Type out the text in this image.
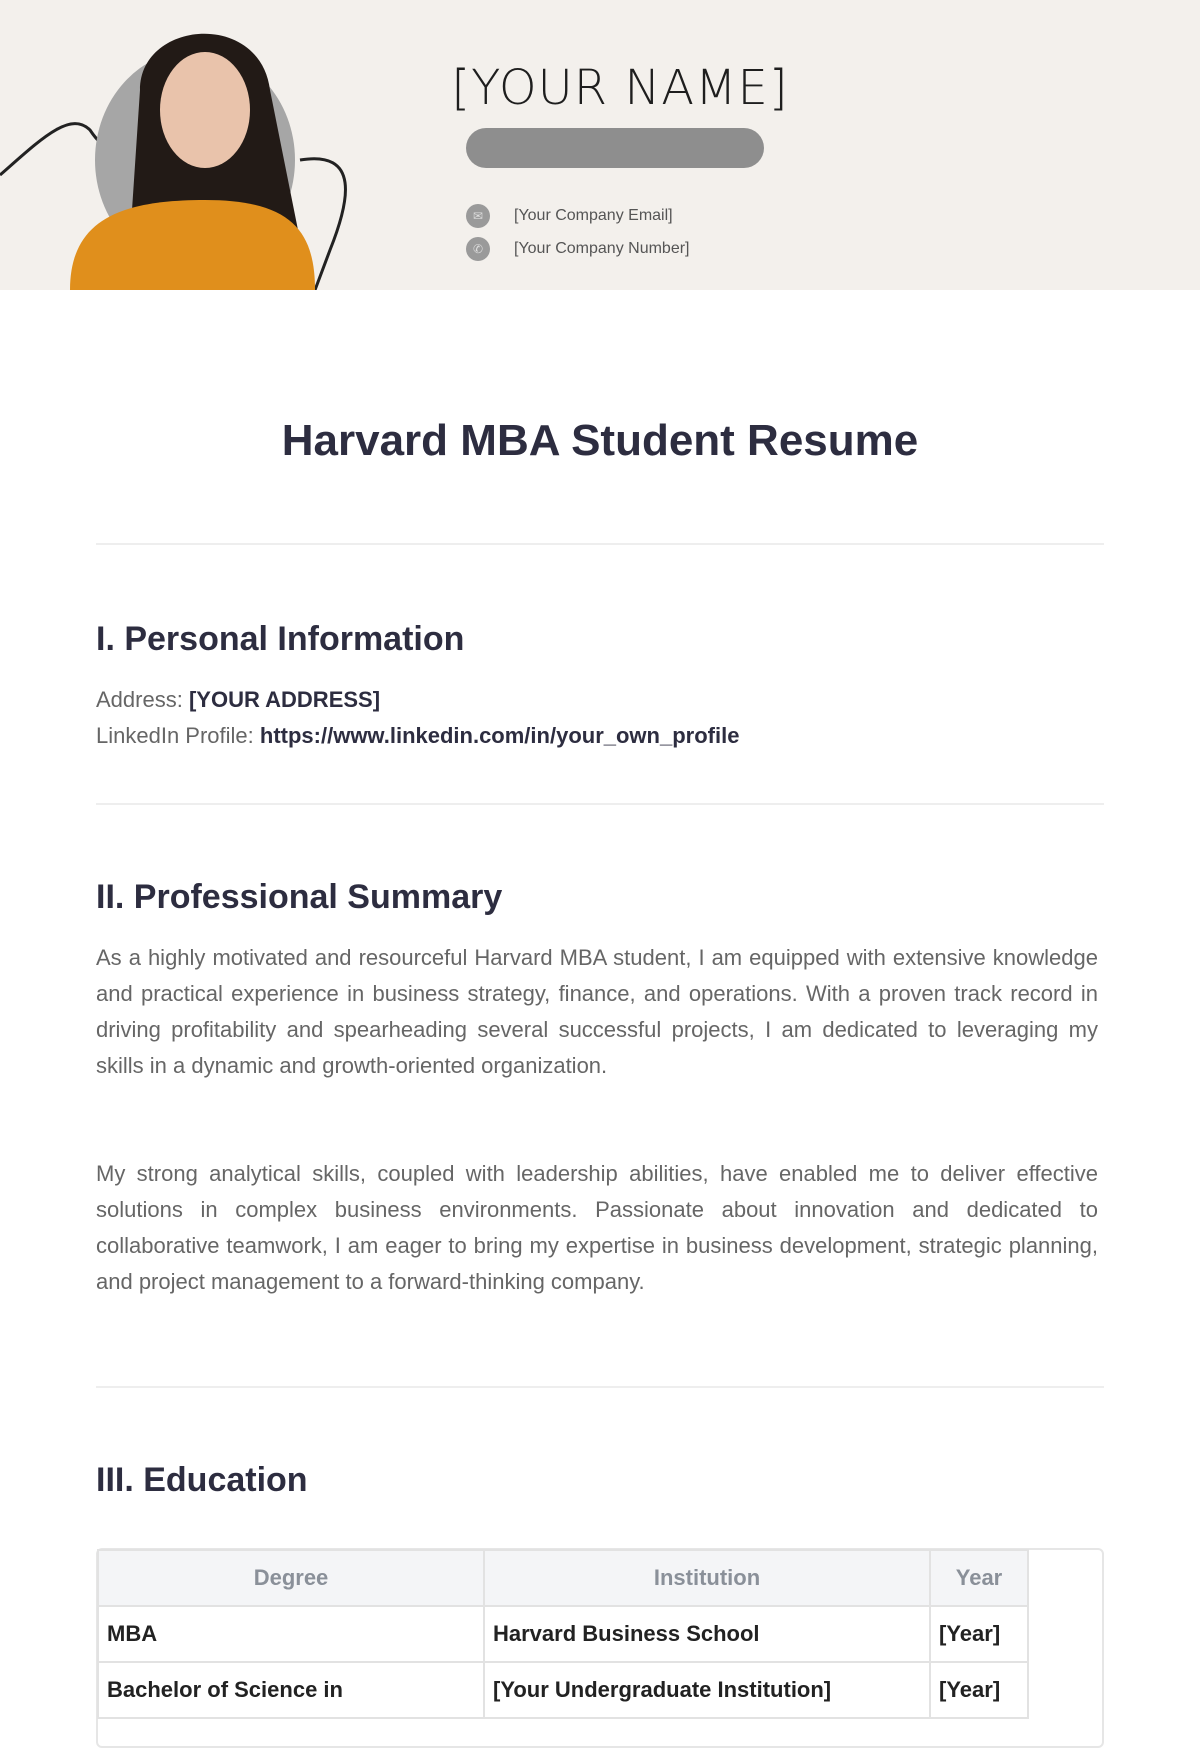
[YOUR NAME]
✉	[Your Company Email]
✆	[Your Company Number]
Harvard MBA Student Resume
I. Personal Information
Address: [YOUR ADDRESS]
LinkedIn Profile: https://www.linkedin.com/in/your_own_profile
II. Professional Summary

As a highly motivated and resourceful Harvard MBA student, I am equipped with extensive knowledge and practical experience in business strategy, finance, and operations. With a proven track record in driving profitability and spearheading several successful projects, I am dedicated to leveraging my skills in a dynamic and growth-oriented organization.

My strong analytical skills, coupled with leadership abilities, have enabled me to deliver effective solutions in complex business environments. Passionate about innovation and dedicated to collaborative teamwork, I am eager to bring my expertise in business development, strategic planning, and project management to a forward-thinking company.

III. Education
Degree	Institution	Year
MBA	Harvard Business School	[Year]
Bachelor of Science in	[Your Undergraduate Institution]	[Year]
